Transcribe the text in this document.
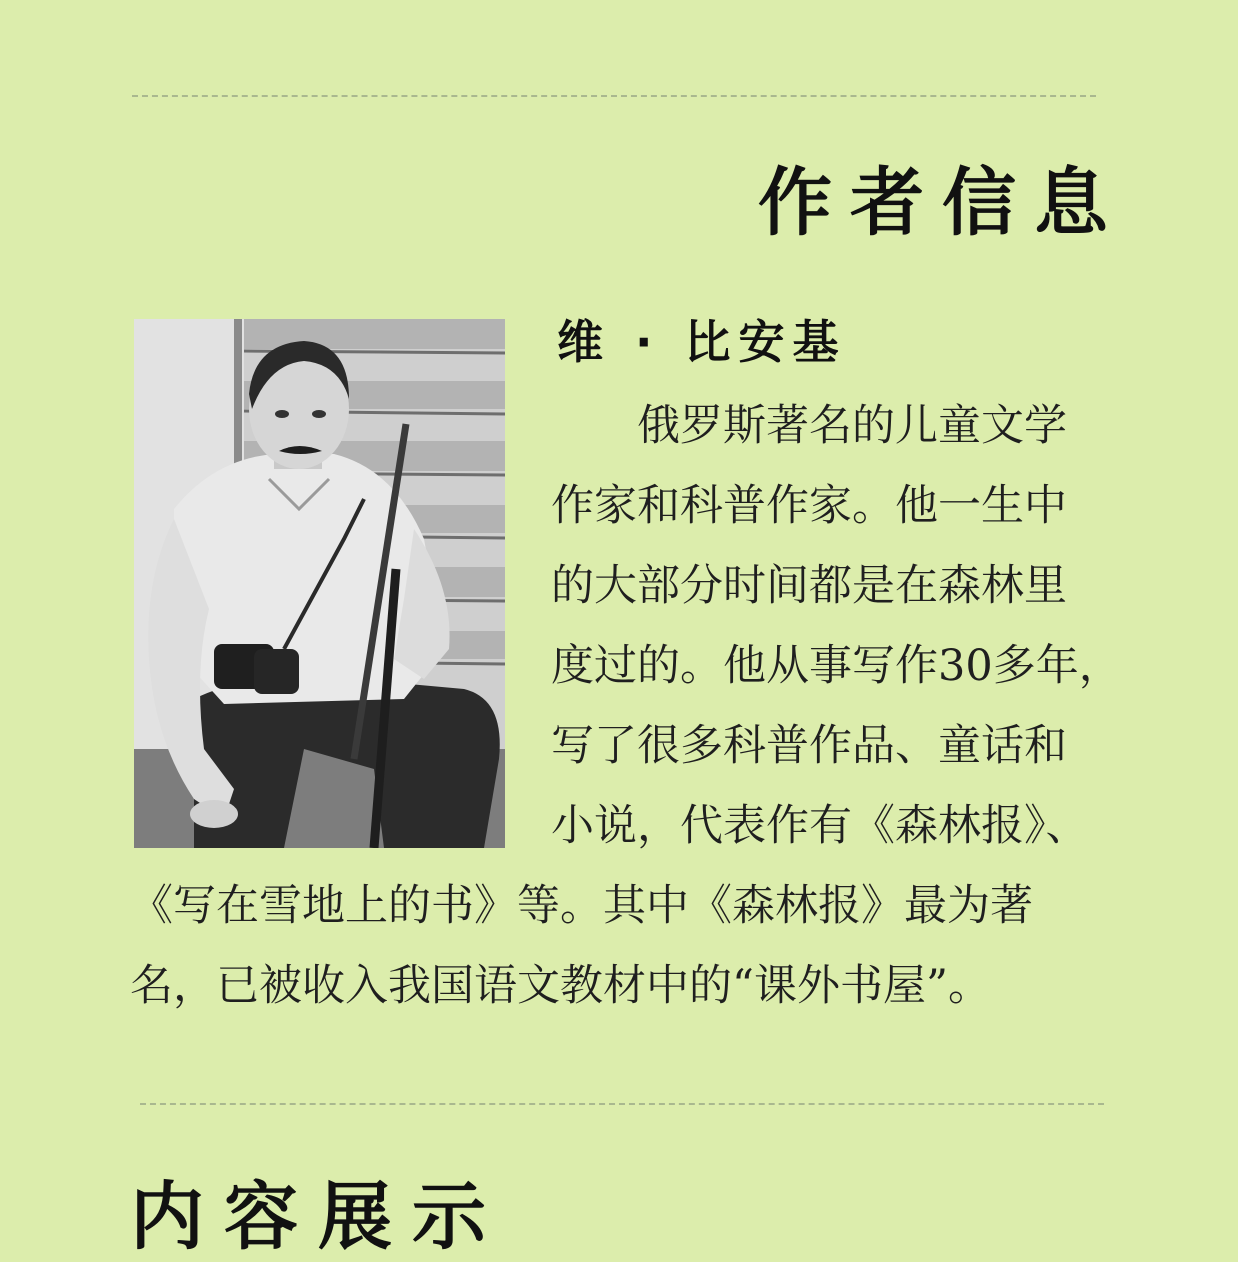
作者信息
维 · 比安基
　　俄罗斯著名的儿童文学
作家和科普作家。他一生中
的大部分时间都是在森林里
度过的。他从事写作30多年，
写了很多科普作品、童话和
小说，代表作有《森林报》、
《写在雪地上的书》等。其中《森林报》最为著
名，已被收入我国语文教材中的“课外书屋”。
内容展示
